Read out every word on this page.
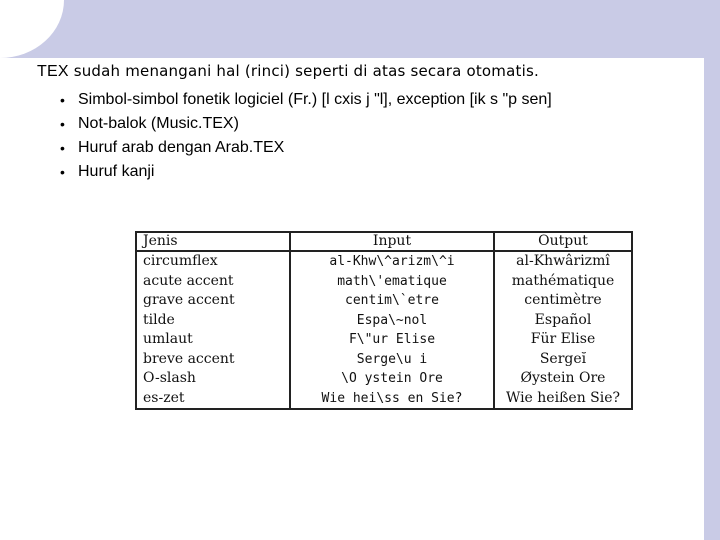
TEX sudah menangani hal (rinci) seperti di atas secara otomatis.
• Simbol-simbol fonetik logiciel (Fr.) [l cxis j "l], exception [ik s "p sen]
• Not-balok (Music.TEX)
• Huruf arab dengan Arab.TEX
• Huruf kanji
Jenis	Input	Output
circumflex	al-Khw\^arizm\^i	al-Khwârizmî
acute accent	math\'ematique	mathématique
grave accent	centim\`etre	centimètre
tilde	Espa\~nol	Español
umlaut	F\"ur Elise	Für Elise
breve accent	Serge\u i	Sergeĭ
O-slash	\O ystein Ore	Øystein Ore
es-zet	Wie hei\ss en Sie?	Wie heißen Sie?
